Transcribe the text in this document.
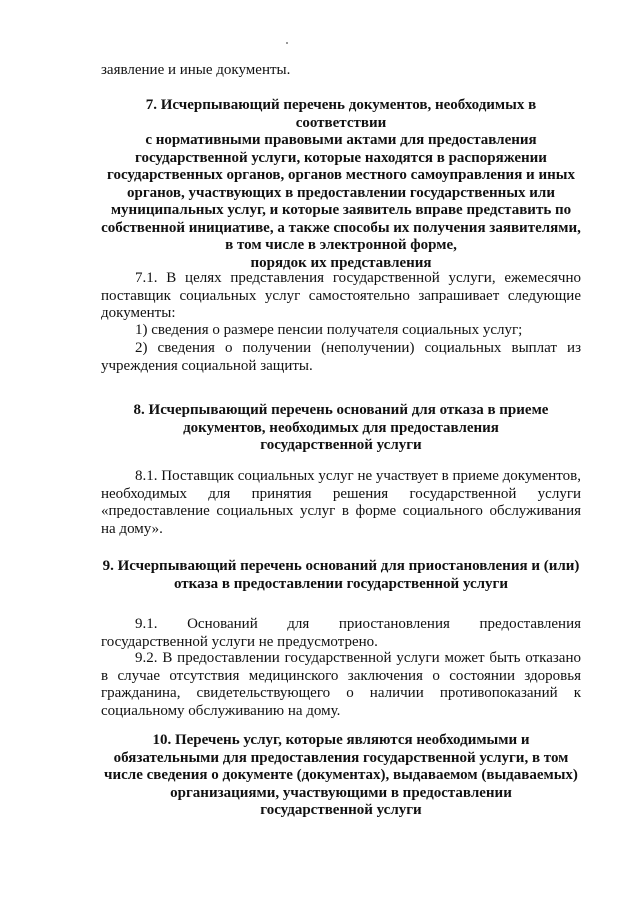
заявление и иные документы.

7. Исчерпывающий перечень документов, необходимых в соответствии

с нормативными правовыми актами для предоставления

государственной услуги, которые находятся в распоряжении

государственных органов, органов местного самоуправления и иных

органов, участвующих в предоставлении государственных или

муниципальных услуг, и которые заявитель вправе представить по

собственной инициативе, а также способы их получения заявителями,

в том числе в электронной форме,

порядок их представления

7.1. В целях представления государственной услуги, ежемесячно поставщик социальных услуг самостоятельно запрашивает следующие документы:

1) сведения о размере пенсии получателя социальных услуг;

2) сведения о получении (неполучении) социальных выплат из учреждения социальной защиты.

8. Исчерпывающий перечень оснований для отказа в приеме

документов, необходимых для предоставления

государственной услуги

8.1. Поставщик социальных услуг не участвует в приеме документов, необходимых для принятия решения государственной услуги «предоставление социальных услуг в форме социального обслуживания на дому».

9. Исчерпывающий перечень оснований для приостановления и (или)

отказа в предоставлении государственной услуги

9.1. Оснований для приостановления предоставления государственной услуги не предусмотрено.

9.2. В предоставлении государственной услуги может быть отказано в случае отсутствия медицинского заключения о состоянии здоровья гражданина, свидетельствующего о наличии противопоказаний к социальному обслуживанию на дому.

10. Перечень услуг, которые являются необходимыми и

обязательными для предоставления государственной услуги, в том

числе сведения о документе (документах), выдаваемом (выдаваемых)

организациями, участвующими в предоставлении

государственной услуги
